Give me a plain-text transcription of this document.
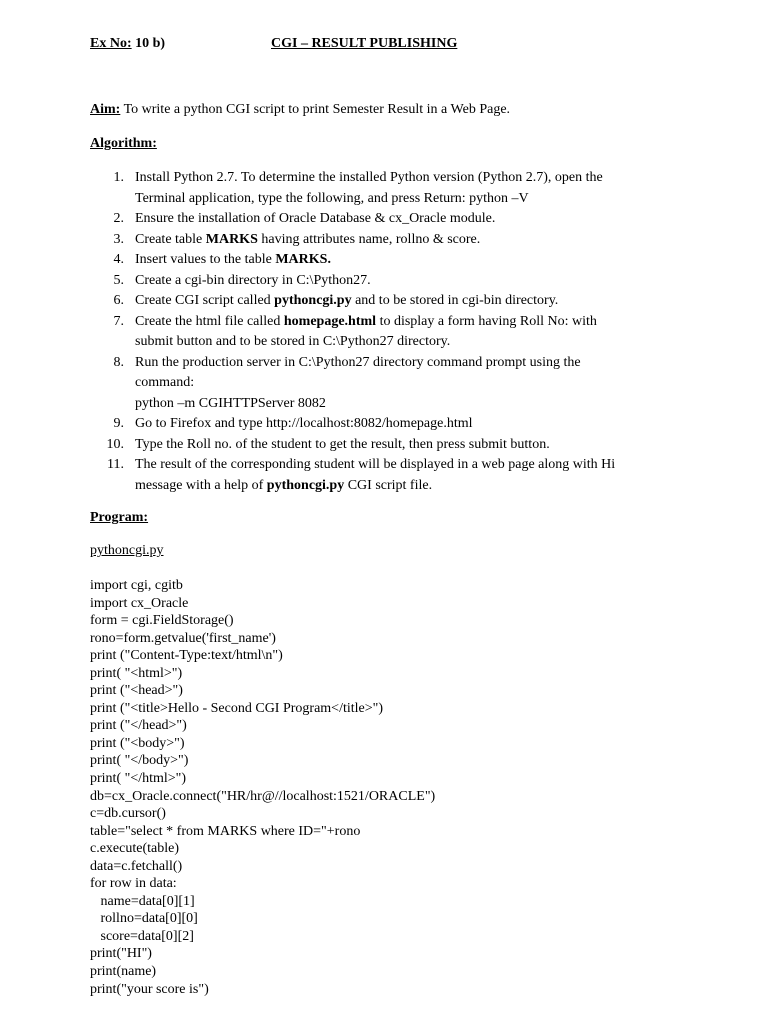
Ex No: 10 b)	CGI – RESULT PUBLISHING
Aim: To write a python CGI script to print Semester Result in a Web Page.
Algorithm:
1. Install Python 2.7. To determine the installed Python version (Python 2.7), open the
Terminal application, type the following, and press Return: python –V
2. Ensure the installation of Oracle Database & cx_Oracle module.
3. Create table MARKS having attributes name, rollno & score.
4. Insert values to the table MARKS.
5. Create a cgi-bin directory in C:\Python27.
6. Create CGI script called pythoncgi.py and to be stored in cgi-bin directory.
7. Create the html file called homepage.html to display a form having Roll No: with
submit button and to be stored in C:\Python27 directory.
8. Run the production server in C:\Python27 directory command prompt using the
command:
python –m CGIHTTPServer 8082
9. Go to Firefox and type http://localhost:8082/homepage.html
10. Type the Roll no. of the student to get the result, then press submit button.
11. The result of the corresponding student will be displayed in a web page along with Hi
message with a help of pythoncgi.py CGI script file.
Program:
pythoncgi.py
import cgi, cgitb
import cx_Oracle
form = cgi.FieldStorage()
rono=form.getvalue('first_name')
print ("Content-Type:text/html\n")
print( "<html>")
print ("<head>")
print ("<title>Hello - Second CGI Program</title>")
print ("</head>")
print ("<body>")
print( "</body>")
print( "</html>")
db=cx_Oracle.connect("HR/hr@//localhost:1521/ORACLE")
c=db.cursor()
table="select * from MARKS where ID="+rono
c.execute(table)
data=c.fetchall()
for row in data:
name=data[0][1]
rollno=data[0][0]
score=data[0][2]
print("HI")
print(name)
print("your score is")
